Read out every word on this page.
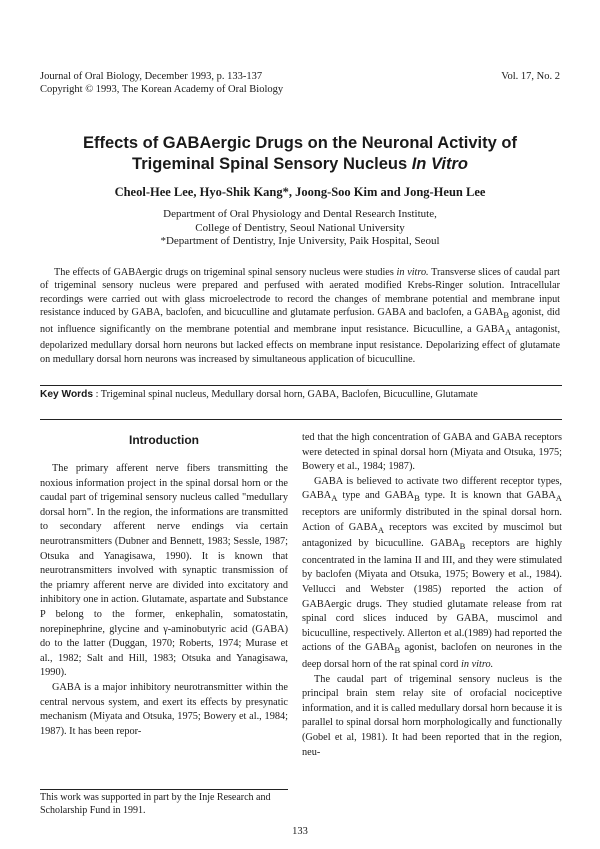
Journal of Oral Biology, December 1993, p. 133-137
Copyright © 1993, The Korean Academy of Oral Biology
Vol. 17, No. 2
Effects of GABAergic Drugs on the Neuronal Activity of
Trigeminal Spinal Sensory Nucleus In Vitro
Cheol-Hee Lee, Hyo-Shik Kang*, Joong-Soo Kim and Jong-Heun Lee
Department of Oral Physiology and Dental Research Institute,
College of Dentistry, Seoul National University
*Department of Dentistry, Inje University, Paik Hospital, Seoul

The effects of GABAergic drugs on trigeminal spinal sensory nucleus were studies in vitro. Transverse slices of caudal part of trigeminal sensory nucleus were prepared and perfused with aerated modified Krebs-Ringer solution. Intracellular recordings were carried out with glass microelectrode to record the changes of membrane potential and membrane input resistance induced by GABA, baclofen, and bicuculline and glutamate perfusion. GABA and baclofen, a $GABA_B$ agonist, did not influence significantly on the membrane potential and membrane input resistance. Bicuculline, a $GABA_A$ antagonist, depolarized medullary dorsal horn neurons but lacked effects on membrane input resistance. Depolarizing effect of glutamate on medullary dorsal horn neurons was increased by simultaneous application of bicuculline.

Key Words : Trigeminal spinal nucleus, Medullary dorsal horn, GABA, Baclofen, Bicuculline, Glutamate

Introduction

The primary afferent nerve fibers transmitting the noxious information project in the spinal dorsal horn or the caudal part of trigeminal sensory nucleus called "medullary dorsal horn". In the region, the informations are transmitted to secondary afferent nerve endings via certain neurotransmitters (Dubner and Bennett, 1983; Sessle, 1987; Otsuka and Yanagisawa, 1990). It is known that neurotransmitters involved with synaptic transmission of the priamry afferent nerve are divided into excitatory and inhibitory one in action. Glutamate, aspartate and Substance P belong to the former, enkephalin, somatostatin, norepinephrine, glycine and γ-aminobutyric acid (GABA) do to the latter (Duggan, 1970; Roberts, 1974; Murase et al., 1982; Salt and Hill, 1983; Otsuka and Yanagisawa, 1990).

GABA is a major inhibitory neurotransmitter within the central nervous system, and exert its effects by presynatic mechanism (Miyata and Otsuka, 1975; Bowery et al., 1984; 1987). It has been repor-

ted that the high concentration of GABA and GABA receptors were detected in spinal dorsal horn (Miyata and Otsuka, 1975; Bowery et al., 1984; 1987).

GABA is believed to activate two different receptor types, $GABA_A$ type and $GABA_B$ type. It is known that $GABA_A$ receptors are uniformly distributed in the spinal dorsal horn. Action of $GABA_A$ receptors was excited by muscimol but antagonized by bicuculline. $GABA_B$ receptors are highly concentrated in the lamina II and III, and they were stimulated by baclofen (Miyata and Otsuka, 1975; Bowery et al., 1984). Vellucci and Webster (1985) reported the action of GABAergic drugs. They studied glutamate release from rat spinal cord slices induced by GABA, muscimol and bicuculline, respectively. Allerton et al.(1989) had reported the actions of the $GABA_B$ agonist, baclofen on neurones in the deep dorsal horn of the rat spinal cord in vitro.

The caudal part of trigeminal sensory nucleus is the principal brain stem relay site of orofacial nociceptive information, and it is called medullary dorsal horn because it is parallel to spinal dorsal horn morphologically and functionally (Gobel et al, 1981). It had been reported that in the region, neu-

This work was supported in part by the Inje Research and Scholarship Fund in 1991.

133
